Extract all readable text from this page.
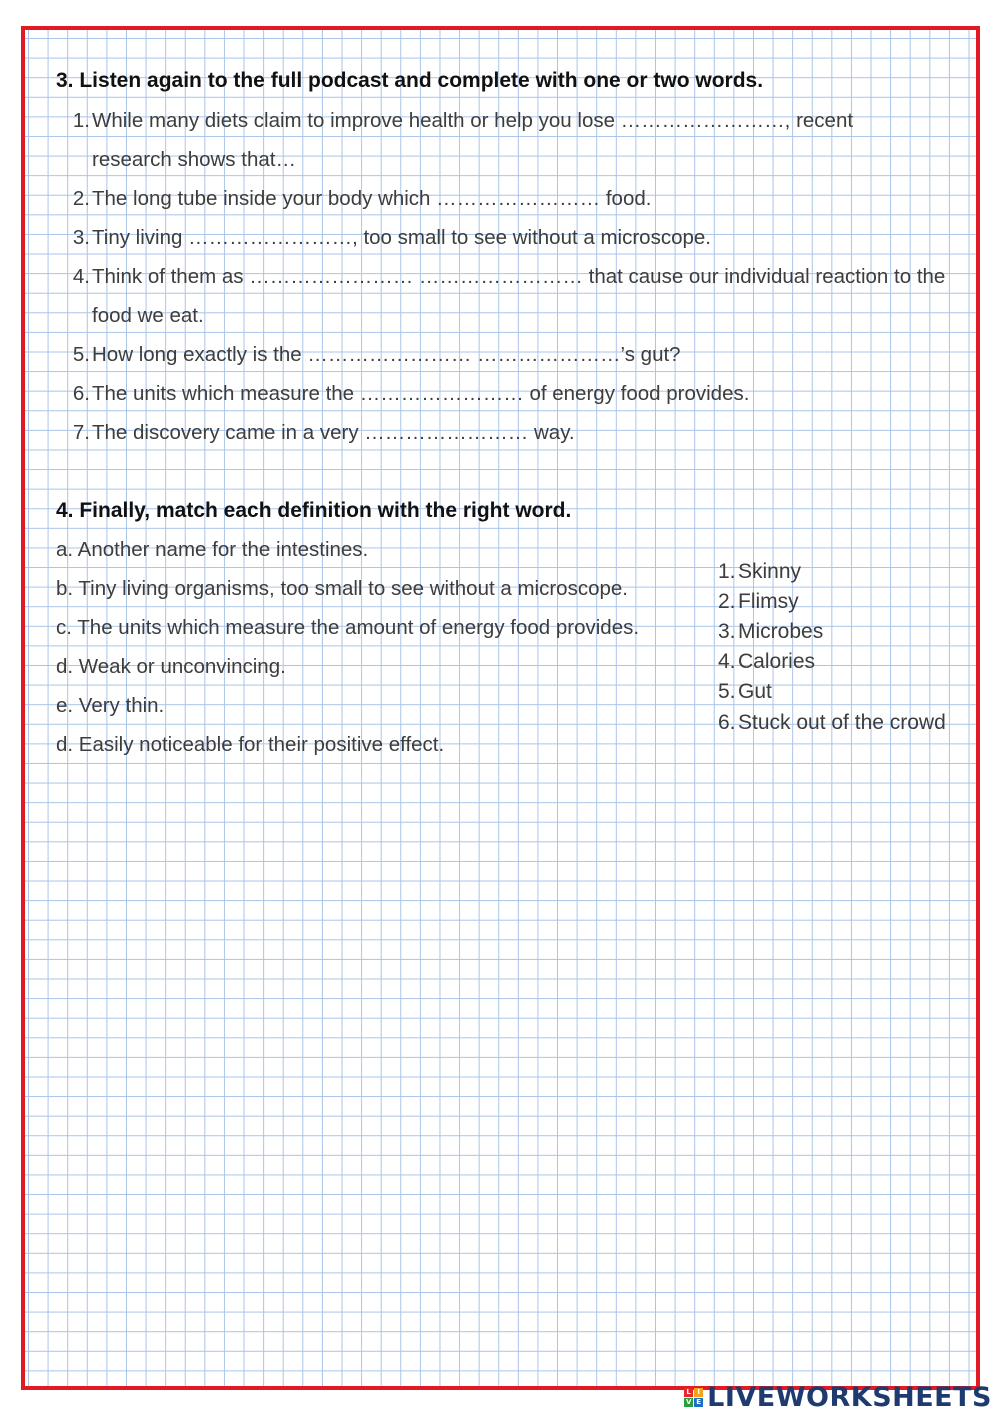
3. Listen again to the full podcast and complete with one or two words.
1.While many diets claim to improve health or help you lose ……………………, recent
research shows that…
2.The long tube inside your body which …………………… food.
3.Tiny living ……………………, too small to see without a microscope.
4.Think of them as …………………… …………………… that cause our individual reaction to the
food we eat.
5.How long exactly is the …………………… …………………’s gut?
6.The units which measure the …………………… of energy food provides.
7.The discovery came in a very …………………… way.
4. Finally, match each definition with the right word.
a. Another name for the intestines.
b. Tiny living organisms, too small to see without a microscope.
c. The units which measure the amount of energy food provides.
d. Weak or unconvincing.
e. Very thin.
d. Easily noticeable for their positive effect.
1. Skinny
2. Flimsy
3. Microbes
4. Calories
5. Gut
6. Stuck out of the crowd
L I
V E LIVEWORKSHEETS
